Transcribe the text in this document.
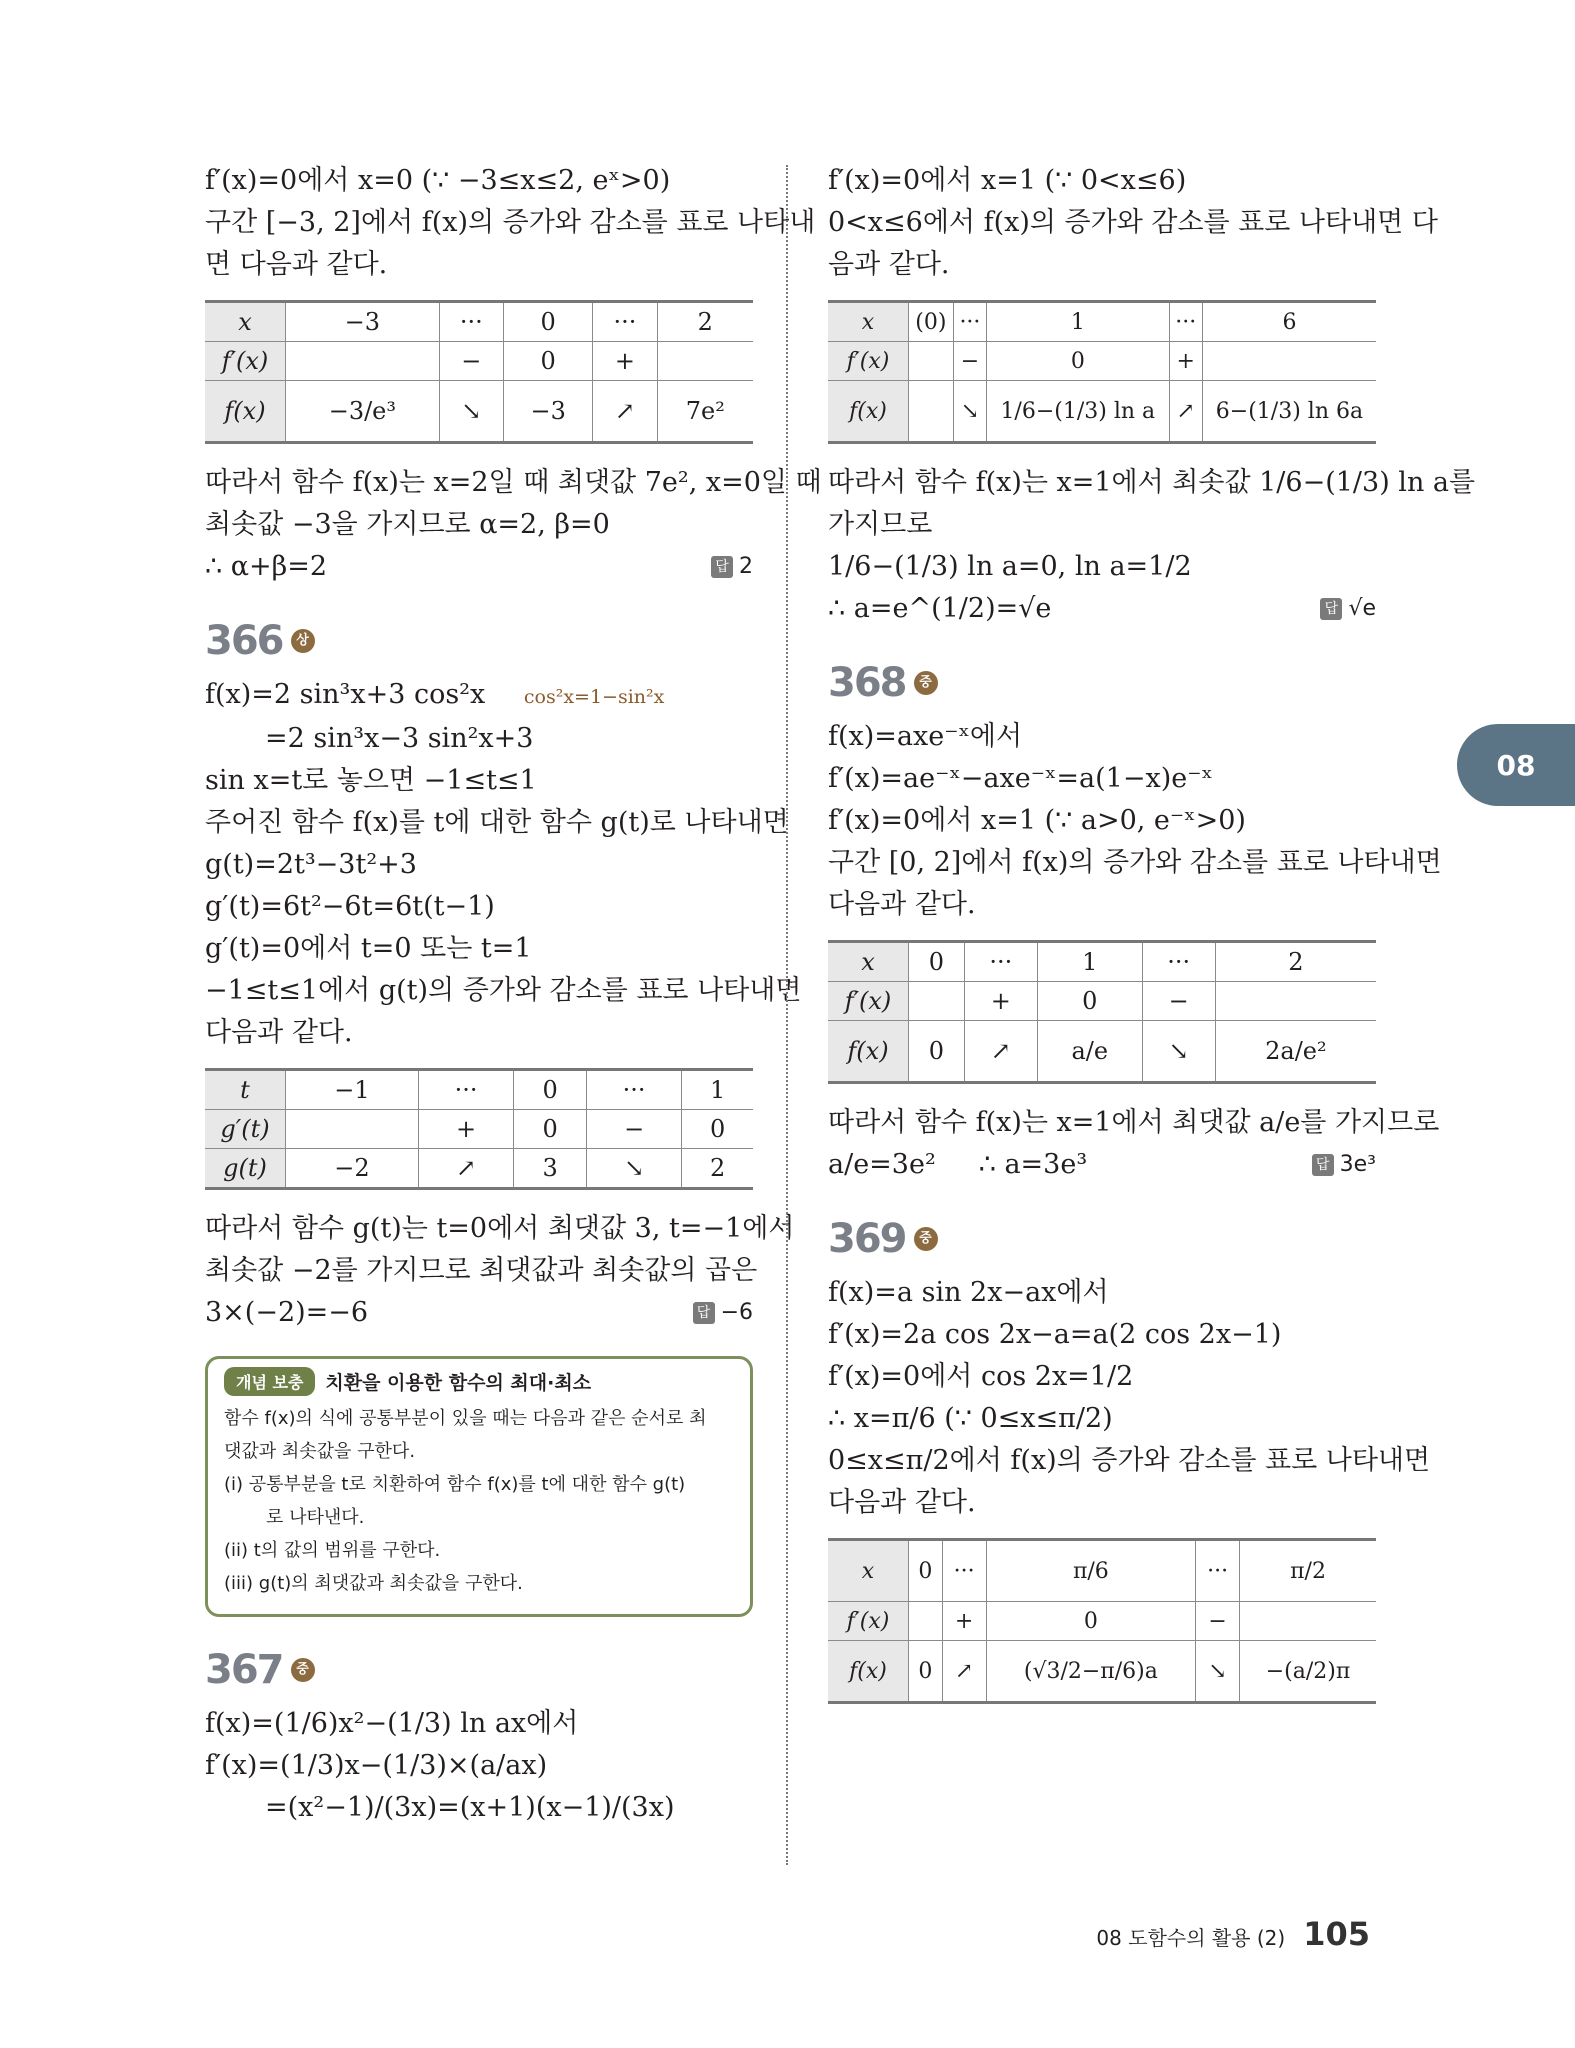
f′(x)=0에서 x=0 (∵ −3≤x≤2, eˣ>0)
구간 [−3, 2]에서 f(x)의 증가와 감소를 표로 나타내
면 다음과 같다.
x	−3	···	0	···	2
f′(x)		−	0	+	
f(x)	−3/e³	↘	−3	↗	7e²
따라서 함수 f(x)는 x=2일 때 최댓값 7e², x=0일 때
최솟값 −3을 가지므로 α=2, β=0
∴ α+β=2	답 2
366	상
f(x)=2 sin³x+3 cos²x cos²x=1−sin²x
=2 sin³x−3 sin²x+3
sin x=t로 놓으면 −1≤t≤1
주어진 함수 f(x)를 t에 대한 함수 g(t)로 나타내면
g(t)=2t³−3t²+3
g′(t)=6t²−6t=6t(t−1)
g′(t)=0에서 t=0 또는 t=1
−1≤t≤1에서 g(t)의 증가와 감소를 표로 나타내면
다음과 같다.
t	−1	···	0	···	1
g′(t)		+	0	−	0
g(t)	−2	↗	3	↘	2
따라서 함수 g(t)는 t=0에서 최댓값 3, t=−1에서
최솟값 −2를 가지므로 최댓값과 최솟값의 곱은
3×(−2)=−6	답 −6
개념 보충	치환을 이용한 함수의 최대·최소
함수 f(x)의 식에 공통부분이 있을 때는 다음과 같은 순서로 최
댓값과 최솟값을 구한다.
(i) 공통부분을 t로 치환하여 함수 f(x)를 t에 대한 함수 g(t)
로 나타낸다.
(ii) t의 값의 범위를 구한다.
(iii) g(t)의 최댓값과 최솟값을 구한다.
367	중
f(x)=(1/6)x²−(1/3) ln ax에서
f′(x)=(1/3)x−(1/3)×(a/ax)
=(x²−1)/(3x)=(x+1)(x−1)/(3x)
f′(x)=0에서 x=1 (∵ 0<x≤6)
0<x≤6에서 f(x)의 증가와 감소를 표로 나타내면 다
음과 같다.
x	(0)	···	1	···	6
f′(x)		−	0	+	
f(x)		↘	1/6−(1/3) ln a	↗	6−(1/3) ln 6a
따라서 함수 f(x)는 x=1에서 최솟값 1/6−(1/3) ln a를
가지므로
1/6−(1/3) ln a=0, ln a=1/2
∴ a=e^(1/2)=√e	답 √e
368	중
f(x)=axe⁻ˣ에서
f′(x)=ae⁻ˣ−axe⁻ˣ=a(1−x)e⁻ˣ
f′(x)=0에서 x=1 (∵ a>0, e⁻ˣ>0)
구간 [0, 2]에서 f(x)의 증가와 감소를 표로 나타내면
다음과 같다.
x	0	···	1	···	2
f′(x)		+	0	−	
f(x)	0	↗	a/e	↘	2a/e²
따라서 함수 f(x)는 x=1에서 최댓값 a/e를 가지므로
a/e=3e²     ∴ a=3e³	답 3e³
369	중
f(x)=a sin 2x−ax에서
f′(x)=2a cos 2x−a=a(2 cos 2x−1)
f′(x)=0에서 cos 2x=1/2
∴ x=π/6 (∵ 0≤x≤π/2)
0≤x≤π/2에서 f(x)의 증가와 감소를 표로 나타내면
다음과 같다.
x	0	···	π/6	···	π/2
f′(x)		+	0	−	
f(x)	0	↗	(√3/2−π/6)a	↘	−(a/2)π
08
08 도함수의 활용 (2) 105
